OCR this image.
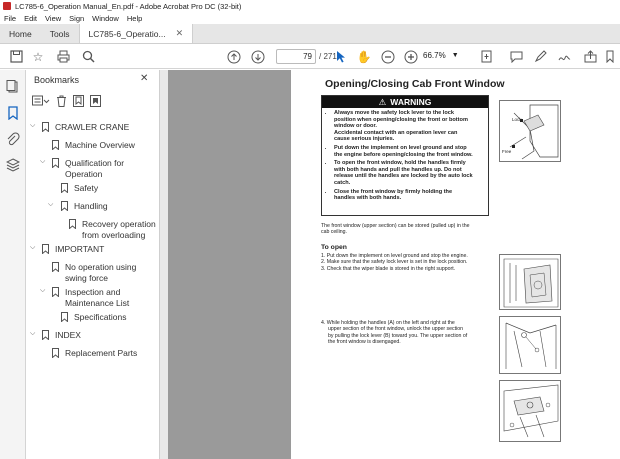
LC785-6_Operation Manual_En.pdf - Adobe Acrobat Pro DC (32-bit)
File Edit View Sign Window Help
Home Tools LC785-6_Operatio... ✕
☆	79 / 271 ✋	66.7% ▼
Bookmarks	✕
⌵ CRAWLER CRANE
Machine Overview
⌵ Qualification for
Operation
Safety
⌵ Handling
Recovery operation
from overloading
⌵ IMPORTANT
No operation using
swing force
⌵ Inspection and
Maintenance List
Specifications
⌵ INDEX
Replacement Parts
Opening/Closing Cab Front Window
⚠ WARNING
• Always move the safety lock lever to the lock
position when opening/closing the front or bottom
window or door.
Accidental contact with an operation lever can
cause serious injuries.
• Put down the implement on level ground and stop
the engine before opening/closing the front window.
• To open the front window, hold the handles firmly
with both hands and pull the handles up. Do not
release until the handles are locked by the auto lock
catch.
• Close the front window by firmly holding the
handles with both hands.
Lock
Free
The front window (upper section) can be stored (pulled up) in the
cab ceiling.
To open
1. Put down the implement on level ground and stop the engine.
2. Make sure that the safety lock lever is set in the lock position.
3. Check that the wiper blade is stored in the right support.
4. While holding the handles (A) on the left and right at the
upper section of the front window, unlock the upper section
by pulling the lock lever (B) toward you. The upper section of
the front window is disengaged.
